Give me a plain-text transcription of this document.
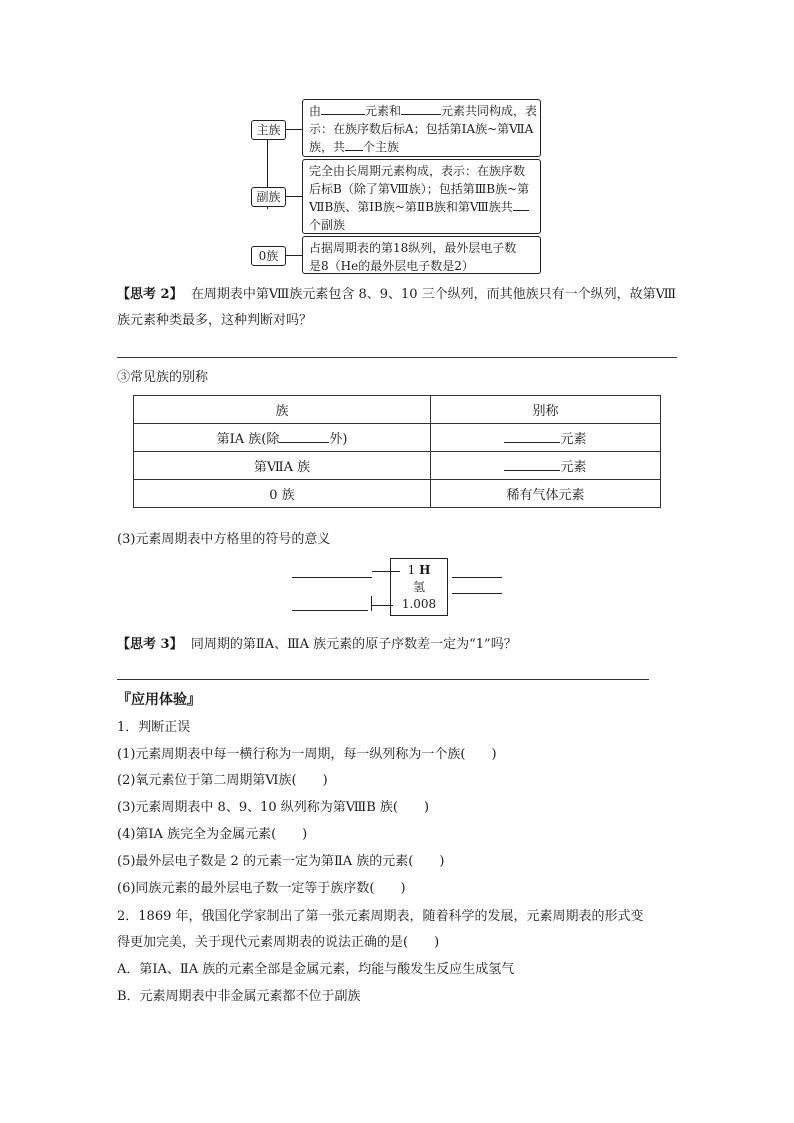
主族
由	元素和	元素共同构成，表
示：在族序数后标A；包括第ⅠA族~第ⅦA
族，共 个主族
副族
完全由长周期元素构成，表示：在族序数
后标B（除了第Ⅷ族）；包括第ⅢB族~第
ⅦB族、第ⅠB族~第ⅡB族和第Ⅷ族共
个副族
0族
占据周期表的第18纵列，最外层电子数
是8（He的最外层电子数是2）
【思考 2】 在周期表中第Ⅷ族元素包含 8、9、10 三个纵列，而其他族只有一个纵列，故第Ⅷ
族元素种类最多，这种判断对吗？
③常见族的别称
族	别称
第ⅠA 族(除 外)	元素
第ⅦA 族	元素
0 族	稀有气体元素
(3)元素周期表中方格里的符号的意义
1 H
氢
1.008
【思考 3】 同周期的第ⅡA、ⅢA 族元素的原子序数差一定为“1”吗？
『应用体验』
1．判断正误
(1)元素周期表中每一横行称为一周期，每一纵列称为一个族(　　)
(2)氧元素位于第二周期第Ⅵ族(　　)
(3)元素周期表中 8、9、10 纵列称为第ⅧB 族(　　)
(4)第ⅠA 族完全为金属元素(　　)
(5)最外层电子数是 2 的元素一定为第ⅡA 族的元素(　　)
(6)同族元素的最外层电子数一定等于族序数(　　)
2．1869 年，俄国化学家制出了第一张元素周期表，随着科学的发展，元素周期表的形式变
得更加完美，关于现代元素周期表的说法正确的是(　　)
A．第ⅠA、ⅡA 族的元素全部是金属元素，均能与酸发生反应生成氢气
B．元素周期表中非金属元素都不位于副族
